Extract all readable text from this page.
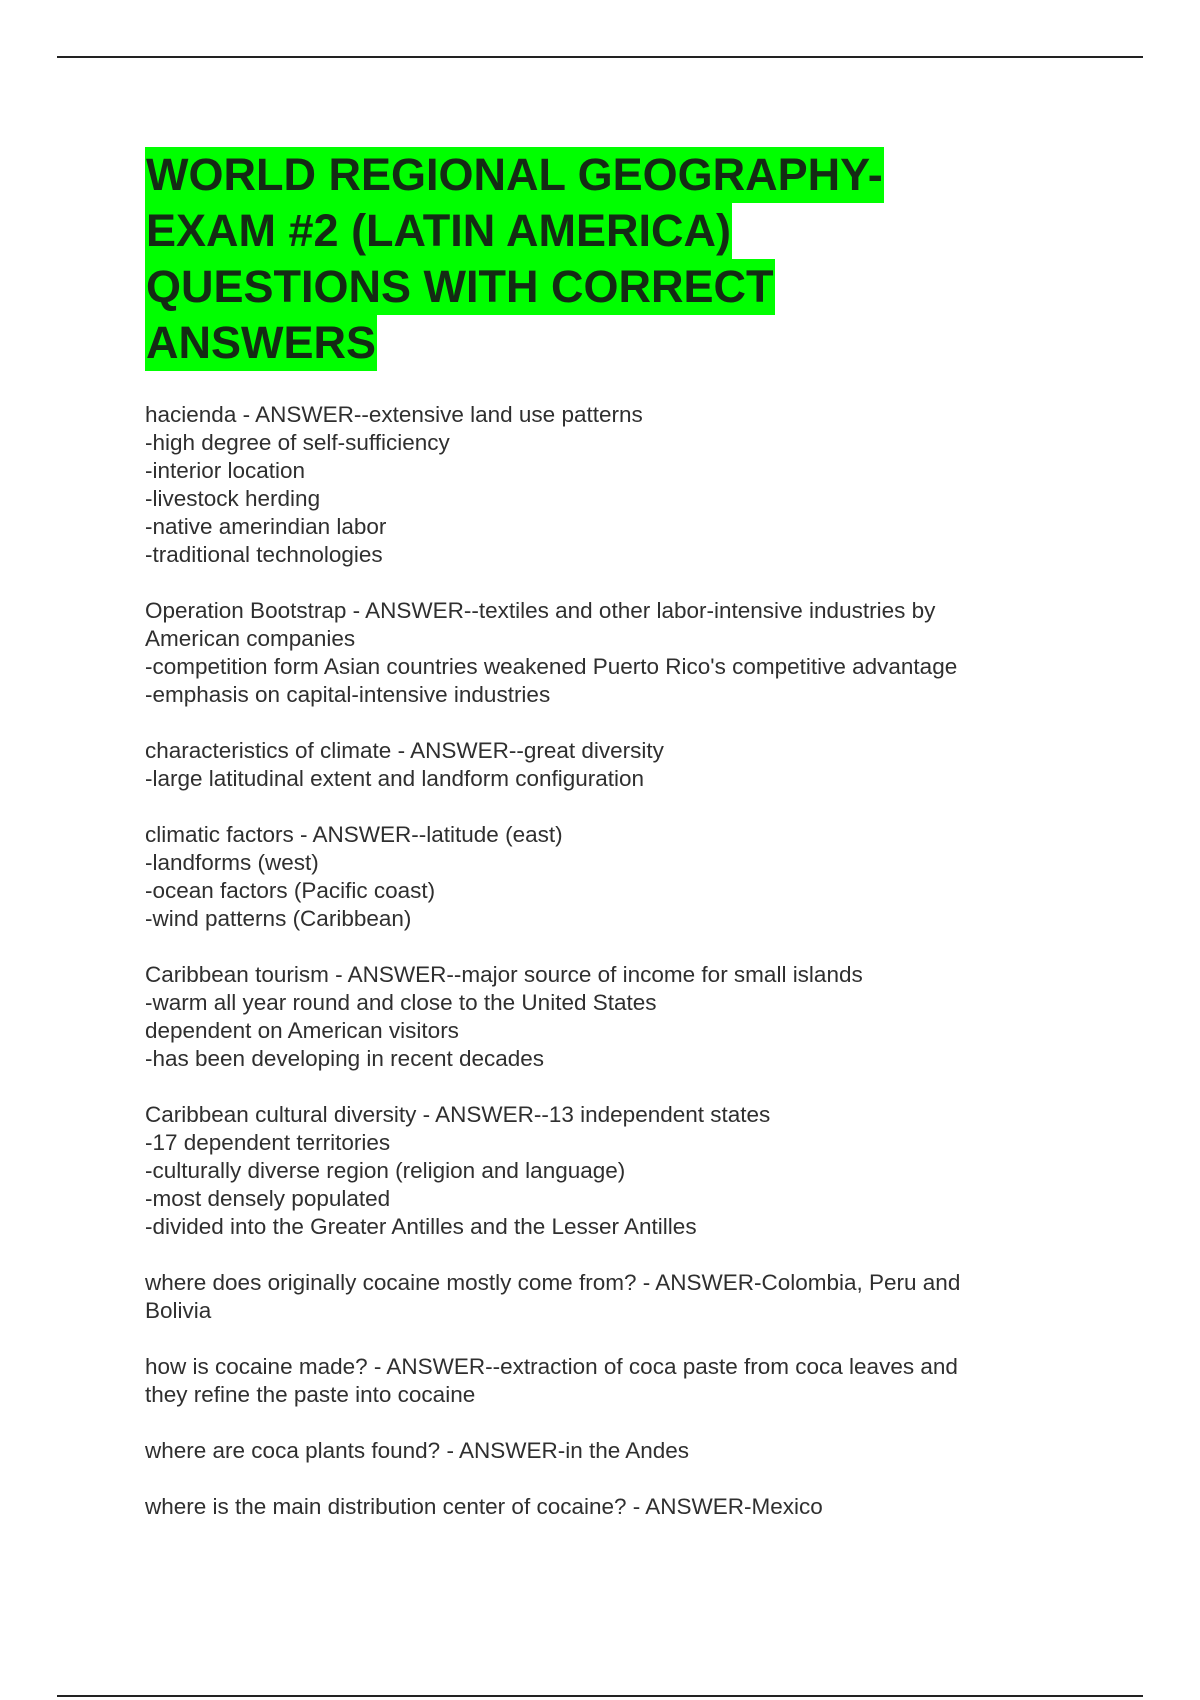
WORLD REGIONAL GEOGRAPHY-
EXAM #2 (LATIN AMERICA)
QUESTIONS WITH CORRECT
ANSWERS
hacienda - ANSWER--extensive land use patterns
-high degree of self-sufficiency
-interior location
-livestock herding
-native amerindian labor
-traditional technologies
Operation Bootstrap - ANSWER--textiles and other labor-intensive industries by
American companies
-competition form Asian countries weakened Puerto Rico's competitive advantage
-emphasis on capital-intensive industries
characteristics of climate - ANSWER--great diversity
-large latitudinal extent and landform configuration
climatic factors - ANSWER--latitude (east)
-landforms (west)
-ocean factors (Pacific coast)
-wind patterns (Caribbean)
Caribbean tourism - ANSWER--major source of income for small islands
-warm all year round and close to the United States
dependent on American visitors
-has been developing in recent decades
Caribbean cultural diversity - ANSWER--13 independent states
-17 dependent territories
-culturally diverse region (religion and language)
-most densely populated
-divided into the Greater Antilles and the Lesser Antilles
where does originally cocaine mostly come from? - ANSWER-Colombia, Peru and
Bolivia
how is cocaine made? - ANSWER--extraction of coca paste from coca leaves and
they refine the paste into cocaine
where are coca plants found? - ANSWER-in the Andes
where is the main distribution center of cocaine? - ANSWER-Mexico
